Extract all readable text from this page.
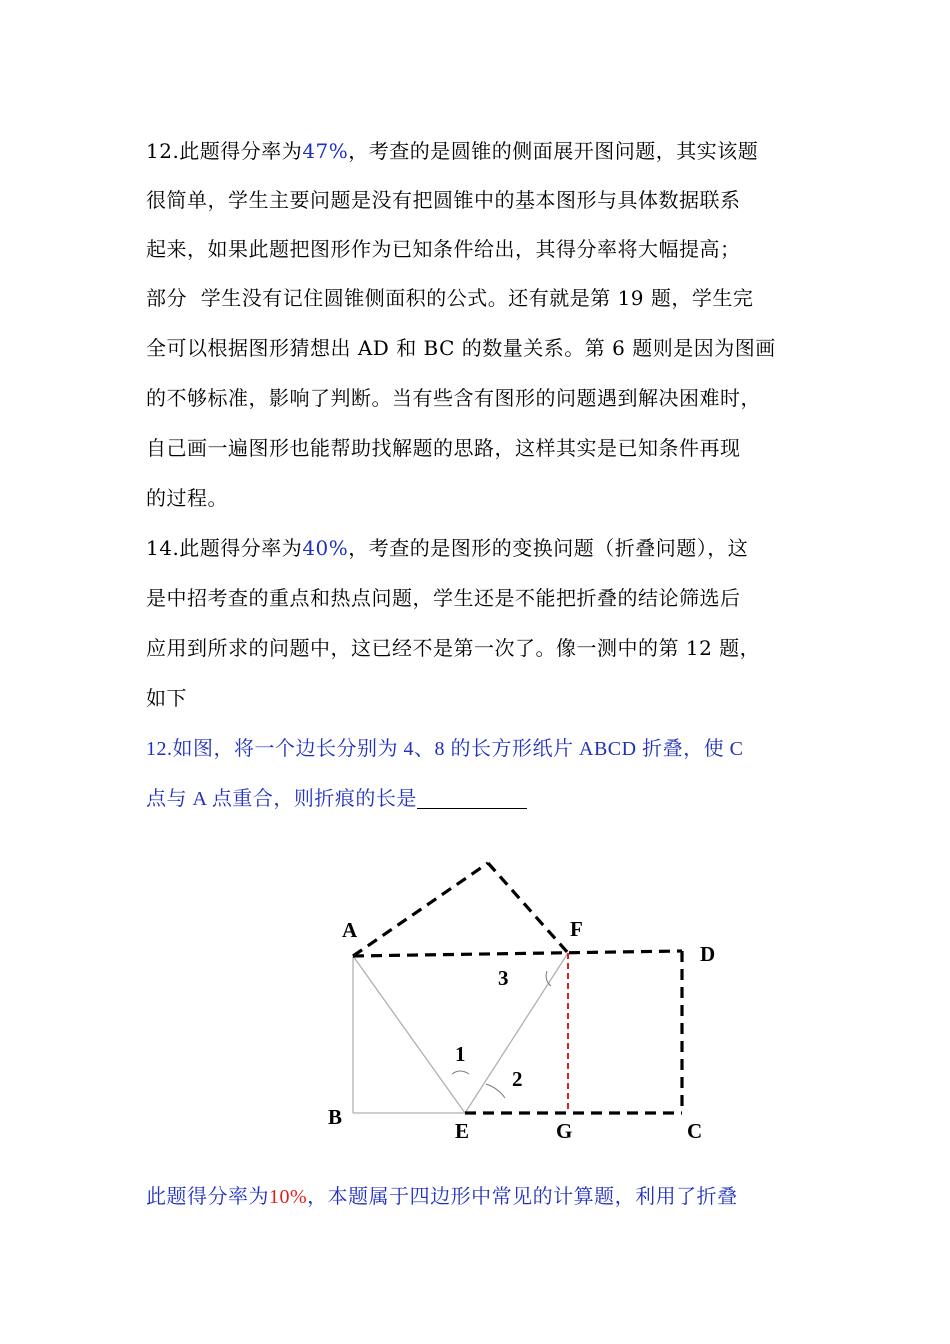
12.此题得分率为47%，考查的是圆锥的侧面展开图问题，其实该题
很简单，学生主要问题是没有把圆锥中的基本图形与具体数据联系
起来，如果此题把图形作为已知条件给出，其得分率将大幅提高；
部分  学生没有记住圆锥侧面积的公式。还有就是第 19 题，学生完
全可以根据图形猜想出 AD 和 BC 的数量关系。第 6 题则是因为图画
的不够标准，影响了判断。当有些含有图形的问题遇到解决困难时，
自己画一遍图形也能帮助找解题的思路，这样其实是已知条件再现
的过程。
14.此题得分率为40%，考查的是图形的变换问题（折叠问题），这
是中招考查的重点和热点问题，学生还是不能把折叠的结论筛选后
应用到所求的问题中，这已经不是第一次了。像一测中的第 12 题，
如下
12.如图，将一个边长分别为 4、8 的长方形纸片 ABCD 折叠，使 C
点与 A 点重合，则折痕的长是
A
B
C
D
E
F
G
1
2
3
此题得分率为10%，本题属于四边形中常见的计算题，利用了折叠
